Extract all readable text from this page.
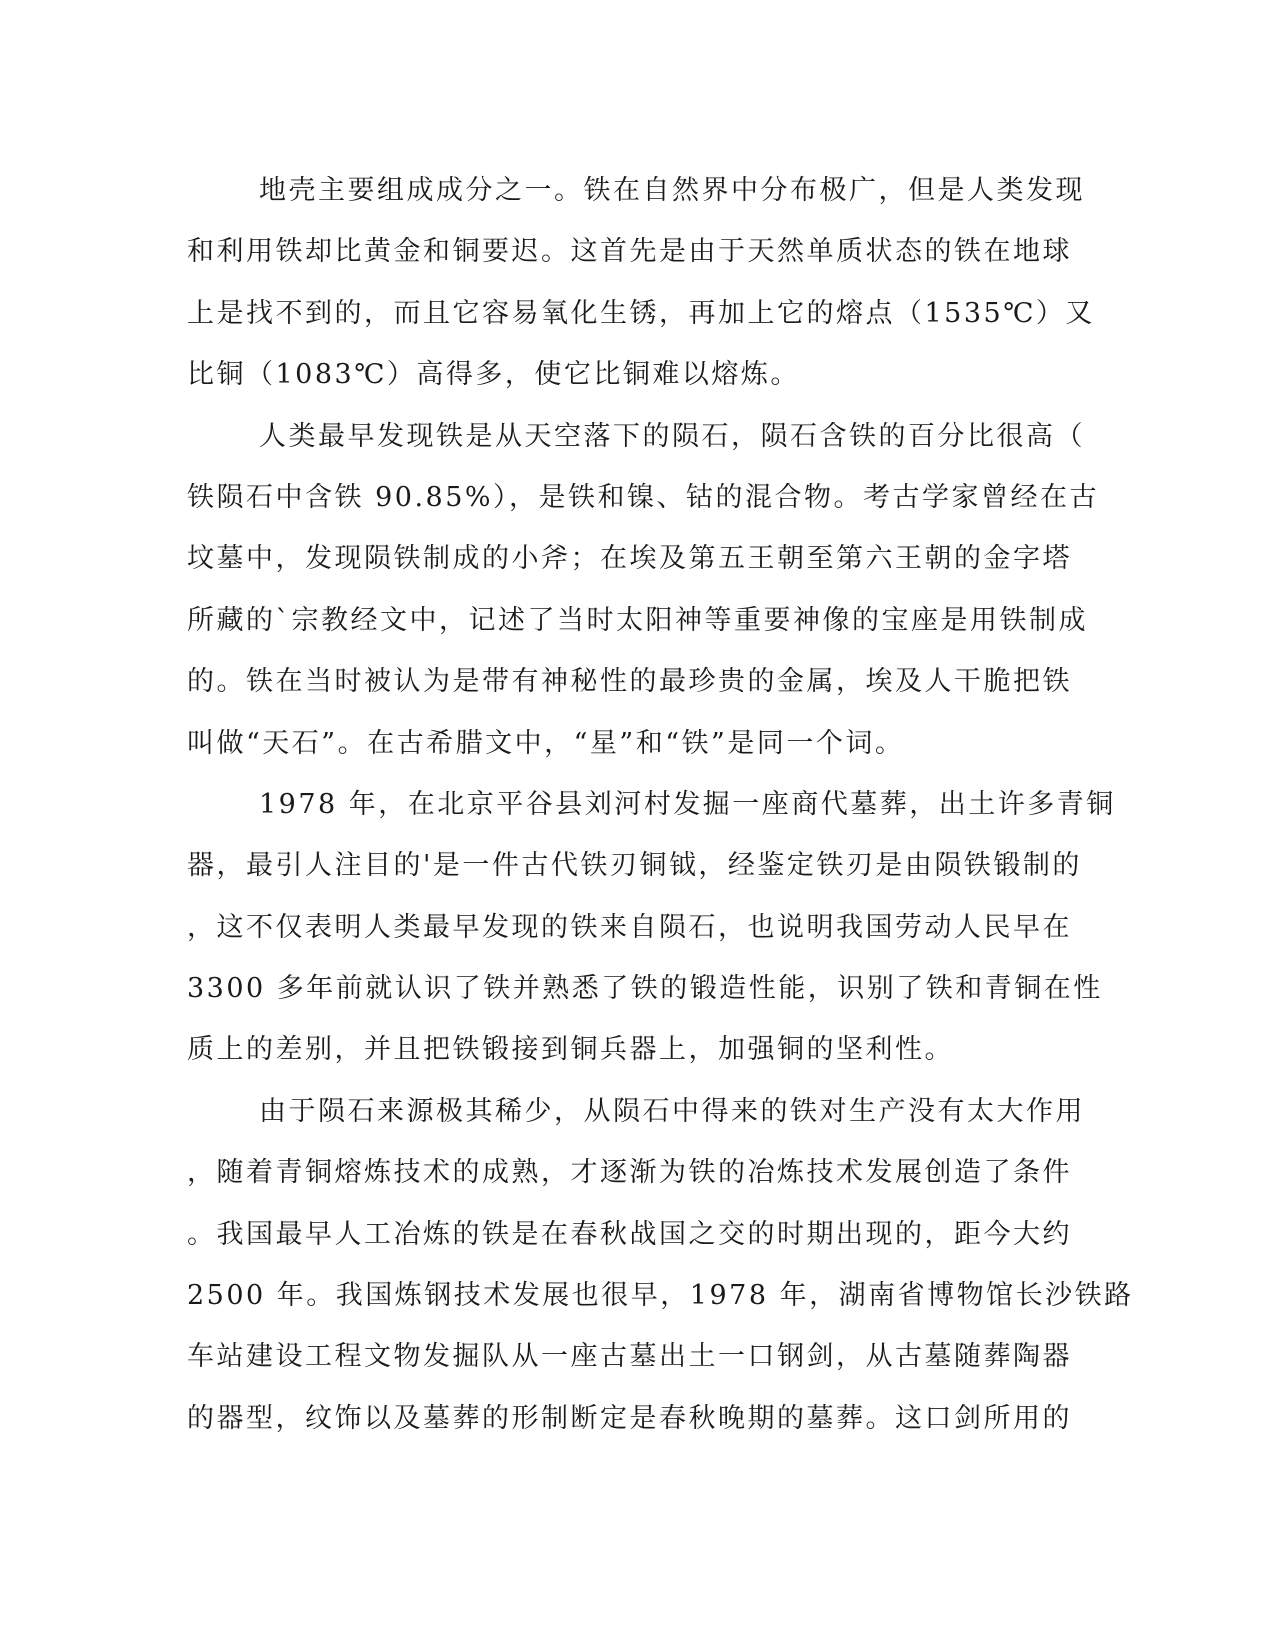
地壳主要组成成分之一。铁在自然界中分布极广，但是人类发现
和利用铁却比黄金和铜要迟。这首先是由于天然单质状态的铁在地球
上是找不到的，而且它容易氧化生锈，再加上它的熔点（1535℃）又
比铜（1083℃）高得多，使它比铜难以熔炼。
人类最早发现铁是从天空落下的陨石，陨石含铁的百分比很高（
铁陨石中含铁 90.85%），是铁和镍、钴的混合物。考古学家曾经在古
坟墓中，发现陨铁制成的小斧；在埃及第五王朝至第六王朝的金字塔
所藏的`宗教经文中，记述了当时太阳神等重要神像的宝座是用铁制成
的。铁在当时被认为是带有神秘性的最珍贵的金属，埃及人干脆把铁
叫做“天石”。在古希腊文中，“星”和“铁”是同一个词。
1978 年，在北京平谷县刘河村发掘一座商代墓葬，出土许多青铜
器，最引人注目的'是一件古代铁刃铜钺，经鉴定铁刃是由陨铁锻制的
，这不仅表明人类最早发现的铁来自陨石，也说明我国劳动人民早在
3300 多年前就认识了铁并熟悉了铁的锻造性能，识别了铁和青铜在性
质上的差别，并且把铁锻接到铜兵器上，加强铜的坚利性。
由于陨石来源极其稀少，从陨石中得来的铁对生产没有太大作用
，随着青铜熔炼技术的成熟，才逐渐为铁的冶炼技术发展创造了条件
。我国最早人工冶炼的铁是在春秋战国之交的时期出现的，距今大约
2500 年。我国炼钢技术发展也很早，1978 年，湖南省博物馆长沙铁路
车站建设工程文物发掘队从一座古墓出土一口钢剑，从古墓随葬陶器
的器型，纹饰以及墓葬的形制断定是春秋晚期的墓葬。这口剑所用的
